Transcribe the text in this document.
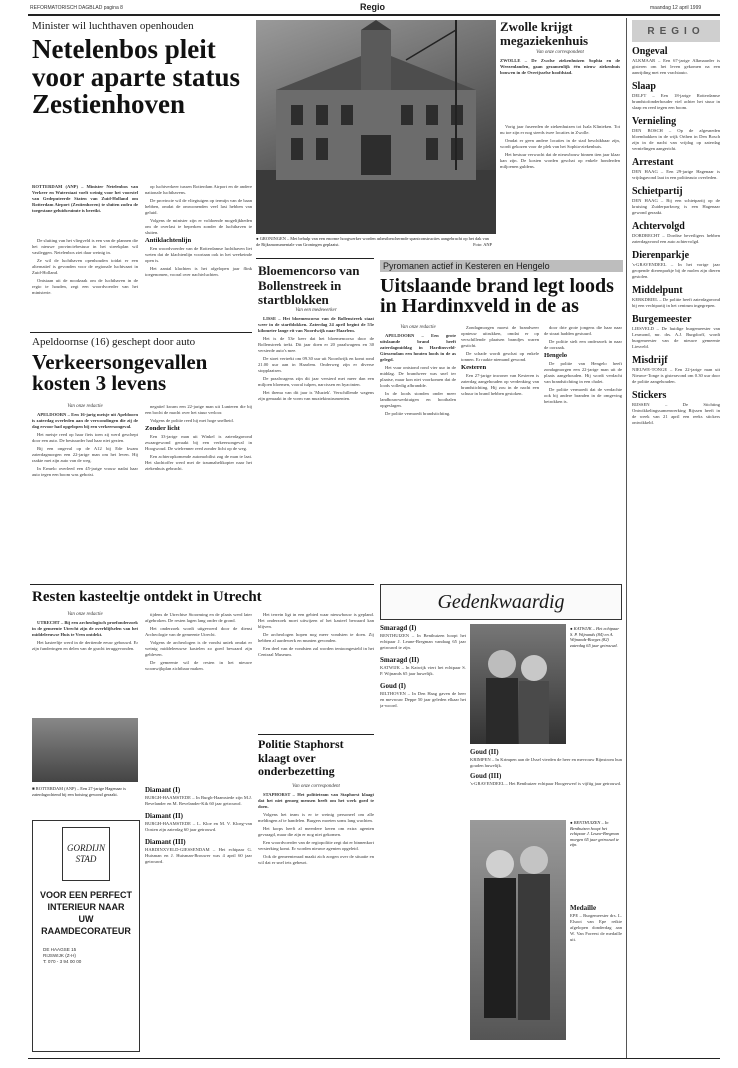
REFORMATORISCH DAGBLAD pagina 8	Regio	maandag 12 april 1999
Minister wil luchthaven openhouden
Netelenbos pleit voor aparte status Zestienhoven
ROTTERDAM (ANP) – Minister Netelenbos van Verkeer en Waterstaat voelt weinig voor het voorstel van Gedeputeerde Staten van Zuid-Holland om Rotterdam Airport (Zestienhoven) te sluiten zodra de toegestane geluidsruimte is bereikt.

De sluiting van het vliegveld is een van de plannen die het nieuwe provinciebestuur in het streekplan wil vastleggen. Netelenbos ziet daar weinig in.

Ze wil de luchthaven openhouden totdat er een alternatief is gevonden voor de regionale luchtvaart in Zuid-Holland.

Ontstaan uit de noodzaak om de luchthaven in de regio te houden, zegt een woordvoerder van het ministerie.

op luchtverkeer tussen Rotterdam Airport en de andere nationale luchthavens.

De provincie wil de vliegtuigen op termijn van de baan hebben, omdat de omwonenden veel last hebben van geluid.

Volgens de minister zijn er voldoende mogelijkheden om de overlast te beperken zonder de luchthaven te sluiten.

Antiklachtenlijn

Een woordvoerder van de Rotterdamse luchthaven liet weten dat de klachtenlijn voortaan ook in het weekeinde open is.

Het aantal klachten is het afgelopen jaar flink toegenomen, vooral over nachtvluchten.

● GRONINGEN – Met behulp van een enorme hoogwerker worden asbestbeschermde spantconstructies aangebracht op het dak van de Rijksmonumentale van Groningen geplaatst.	Foto: ANP
Zwolle krijgt megaziekenhuis
Van onze correspondent
ZWOLLE – De Zwolse ziekenhuizen Sophia en de Weezenlanden, gaan gezamenlijk één nieuw ziekenhuis bouwen in de Overijsselse hoofdstad.

Vorig jaar fuseerden de ziekenhuizen tot Isala Klinieken. Tot nu toe zijn er nog steeds twee locaties in Zwolle.

Omdat er geen andere locaties in de stad beschikbaar zijn, wordt gekozen voor de plek van het Sophia-ziekenhuis.

Het bestuur verwacht dat de nieuwbouw binnen tien jaar klaar kan zijn. De kosten worden geschat op enkele honderden miljoenen guldens.

REGIO
Ongeval
ALKMAAR – Een 67-jarige Alkmaarder is gisteren om het leven gekomen na een aanrijding met een vrachtauto.
Slaap
DELFT – Een 18-jarige Rotterdamse brandstofonderhouder viel achter het stuur in slaap en reed tegen een boom.
Vernieling
DEN BOSCH – Op de afgesneden bloembakken in de wijk Orthen in Den Bosch zijn in de nacht van vrijdag op zaterdag vernielingen aangericht.
Arrestant
DEN HAAG – Een 29-jarige Hagenaar is vrijdagavond laat in een politieauto overleden.
Schietpartij
DEN HAAG – Bij een schietpartij op de kruising Zuiderparkweg is een Hagenaar gewond geraakt.
Achtervolgd
DORDRECHT – Dordtse beveiligers hebben zaterdagavond een auto achtervolgd.
Dierenparkje
's-GRAVENDEEL – In het vorige jaar geopende dierenparkje bij de molen zijn dieren gestolen.
Middelpunt
KERKDRIEL – De politie heeft zaterdagavond bij een vechtpartij in het centrum ingegrepen.
Burgemeester
LIESVELD – De huidige burgemeester van Lexmond, mr. drs. A.J. Burgdorff, wordt burgemeester van de nieuwe gemeente Liesveld.
Misdrijf
NIEUWE-TONGE – Een 22-jarige man uit Nieuwe-Tonge is gisteravond om 0.30 uur door de politie aangehouden.
Stickers
RIJSSEN – De Stichting Ontwikkelingssamenwerking Rijssen heeft in de week van 21 april een reeks stickers ontwikkeld.
Apeldoornse (16) geschept door auto
Verkeersongevallen kosten 3 levens
Van onze redactie

APELDOORN – Een 16-jarig meisje uit Apeldoorn is zaterdag overleden aan de verwondingen die zij de dag ervoor had opgelopen bij een verkeersongeval.

Het meisje reed op haar fiets toen zij werd geschept door een auto. De bestuurder had haar niet gezien.

Bij een ongeval op de A12 bij Ede kwam zaterdagmorgen een 22-jarige man om het leven. Hij raakte met zijn auto van de weg.

In Ermelo overleed een 45-jarige vrouw nadat haar auto tegen een boom was gebotst.

negatief kwam een 22-jarige man uit Lunteren die bij een bocht de macht over het stuur verloor.

Volgens de politie reed hij met hoge snelheid.

Zonder licht

Een 33-jarige man uit Winkel is zaterdagavond zwaargewond geraakt bij een verkeersongeval in Hoogwoud. De wielrenner reed zonder licht op de weg.

Een achteropkomende automobilist zag de man te laat. Het slachtoffer werd met de traumahelikopter naar het ziekenhuis gebracht.

Bloemencorso van Bollenstreek in startblokken
Van een medewerker

LISSE – Het bloemencorso van de Bollenstreek staat weer in de startblokken. Zaterdag 24 april begint de 53e kilometer lange rit van Noordwijk naar Haarlem.

Het is de 53e keer dat het bloemencorso door de Bollenstreek trekt. Dit jaar doen er 20 praalwagens en 30 versierde auto's mee.

De stoet vertrekt om 09.30 uur uit Noordwijk en komt rond 21.00 uur aan in Haarlem. Onderweg zijn er diverse stopplaatsen.

De praalwagens zijn dit jaar versierd met meer dan een miljoen bloemen, vooral tulpen, narcissen en hyacinten.

Het thema van dit jaar is 'Muziek'. Verschillende wagens zijn gemaakt in de vorm van muziekinstrumenten.

Pyromanen actief in Kesteren en Hengelo
Uitslaande brand legt loods in Hardinxveld in de as
Van onze redactie

APELDOORN – Een grote uitslaande brand heeft zaterdagmiddag in Hardinxveld-Giessendam een houten loods in de as gelegd.

Het vuur ontstond rond vier uur in de middag. De brandweer was snel ter plaatse, maar kon niet voorkomen dat de loods volledig afbrandde.

In de loods stonden onder meer landbouwwerktuigen en hooibalen opgeslagen.

De politie vermoedt brandstichting.

Zondagmorgen moest de brandweer opnieuw uitrukken, omdat er op verschillende plaatsen brandjes waren gesticht.

De schade wordt geschat op enkele tonnen. Er raakte niemand gewond.

Kesteren

Een 27-jarige inwoner van Kesteren is zaterdag aangehouden op verdenking van brandstichting. Hij zou in de nacht een schuur in brand hebben gestoken.

door drie grote jongens die haar naar de straat hadden gestuurd.

De politie stelt een onderzoek in naar de oorzaak.

Hengelo

De politie van Hengelo heeft zondagmorgen een 22-jarige man uit de plaats aangehouden. Hij wordt verdacht van brandstichting in een chalet.

De politie vermoedt dat de verdachte ook bij andere branden in de omgeving betrokken is.

Resten kasteeltje ontdekt in Utrecht
Van onze redactie

UTRECHT – Bij een archeologisch proefonderzoek in de gemeente Utrecht zijn de overblijfselen van het middeleeuwse Huis te Vren ontdekt.

Het kasteeltje werd in de dertiende eeuw gebouwd. Er zijn funderingen en delen van de gracht teruggevonden.

tijdens de Utrechtse Stoorming en de plaats werd later afgebroken. De resten lagen lang onder de grond.

Het onderzoek wordt uitgevoerd door de dienst Archeologie van de gemeente Utrecht.

Volgens de archeologen is de vondst uniek omdat er weinig middeleeuwse kastelen zo goed bewaard zijn gebleven.

De gemeente wil de resten in het nieuwe woonwijkplan zichtbaar maken.

Het terrein ligt in een gebied waar nieuwbouw is gepland. Het onderzoek moet uitwijzen of het kasteel bewaard kan blijven.

De archeologen hopen nog meer vondsten te doen. Zij hebben al aardewerk en munten gevonden.

Een deel van de vondsten zal worden tentoongesteld in het Centraal Museum.

■ ROTTERDAM (ANP) – Een 27-jarige Hagenaar is zaterdagochtend bij een botsing gewond geraakt.
GORDIJN STAD
VOOR EEN PERFECT INTERIEUR NAAR UW RAAMDECORATEUR
DE HAAGSE 15
RIJSWIJK (Z-H)
T: 070 - 3 94 00 00
Diamant (I)
BURGH-HAAMSTEDE – In Burgh-Haamstede zijn M.J. Bevelander en M. Bevelander-Kik 60 jaar getrouwd.
Diamant (II)
BURGH-HAAMSTEDE – L. Kloe en M. V. Kloeg-van Oosten zijn zaterdag 60 jaar getrouwd.
Diamant (III)
HARDINXVELD-GIESSENDAM – Het echtpaar G. Huisman en J. Huisman-Brouwer was 4 april 60 jaar getrouwd.
Politie Staphorst klaagt over onderbezetting
Van onze correspondent

STAPHORST – Het politieteam van Staphorst klaagt dat het niet genoeg mensen heeft om het werk goed te doen.

Volgens het team is er te weinig personeel om alle meldingen af te handelen. Burgers moeten soms lang wachten.

Het korps heeft al meerdere keren om extra agenten gevraagd, maar die zijn er nog niet gekomen.

Een woordvoerder van de regiopolitie zegt dat er binnenkort versterking komt. Er worden nieuwe agenten opgeleid.

Ook de gemeenteraad maakt zich zorgen over de situatie en wil dat er snel iets gebeurt.

Gedenkwaardig
● KATWIJK – Het echtpaar S. P. Wijnands (84) en A. Wijnands-Boeges (82) zaterdag 65 jaar getrouwd.
● BENTHUIZEN – In Benthuizen hoopt het echtpaar J. Leune-Bregman morgen 65 jaar getrouwd te zijn.
Smaragd (I)
BENTHUIZEN – In Benthuizen hoopt het echtpaar J. Leune-Bregman vandaag 65 jaar getrouwd te zijn.
Smaragd (II)
KATWIJK – In Katwijk viert het echtpaar S. P. Wijnands 65 jaar huwelijk.
Goud (I)
BILTHOVEN – In Den Haag gaven de heer en mevrouw Deppe 50 jaar geleden elkaar het ja-woord.
Goud (II)
KRIMPEN – In Krimpen aan de IJssel vierden de heer en mevrouw Rijnstrom hun gouden huwelijk.
Goud (III)
's-GRAVENDEEL – Het Benthuizer echtpaar Hoogerwerf is vijftig jaar getrouwd.
Medaille
EPE – Burgemeester drs. L. Elsoot van Epe reikte afgelopen donderdag aan W. Van Foreest de medaille uit.
